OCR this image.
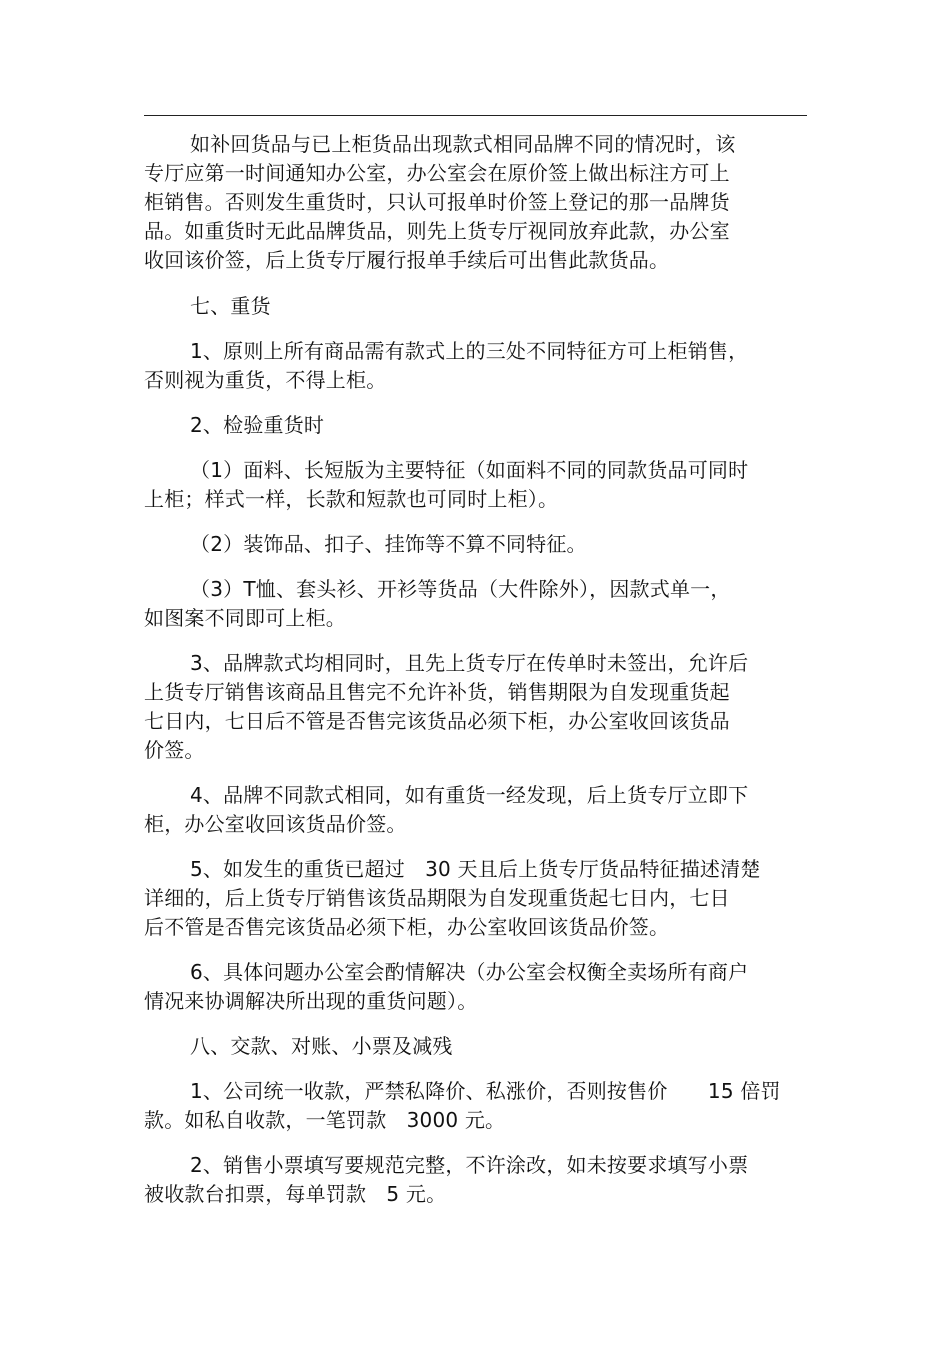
如补回货品与已上柜货品出现款式相同品牌不同的情况时，该
专厅应第一时间通知办公室，办公室会在原价签上做出标注方可上
柜销售。否则发生重货时，只认可报单时价签上登记的那一品牌货
品。如重货时无此品牌货品，则先上货专厅视同放弃此款，办公室
收回该价签，后上货专厅履行报单手续后可出售此款货品。
七、重货
1、原则上所有商品需有款式上的三处不同特征方可上柜销售，
否则视为重货，不得上柜。
2、检验重货时
（1）面料、长短版为主要特征（如面料不同的同款货品可同时
上柜；样式一样，长款和短款也可同时上柜）。
（2）装饰品、扣子、挂饰等不算不同特征。
（3）T恤、套头衫、开衫等货品（大件除外），因款式单一，
如图案不同即可上柜。
3、品牌款式均相同时，且先上货专厅在传单时未签出，允许后
上货专厅销售该商品且售完不允许补货，销售期限为自发现重货起
七日内，七日后不管是否售完该货品必须下柜，办公室收回该货品
价签。
4、品牌不同款式相同，如有重货一经发现，后上货专厅立即下
柜，办公室收回该货品价签。
5、如发生的重货已超过　30 天且后上货专厅货品特征描述清楚
详细的，后上货专厅销售该货品期限为自发现重货起七日内，七日
后不管是否售完该货品必须下柜，办公室收回该货品价签。
6、具体问题办公室会酌情解决（办公室会权衡全卖场所有商户
情况来协调解决所出现的重货问题）。
八、交款、对账、小票及减残
1、公司统一收款，严禁私降价、私涨价，否则按售价　　15 倍罚
款。如私自收款，一笔罚款　3000 元。
2、销售小票填写要规范完整，不许涂改，如未按要求填写小票
被收款台扣票，每单罚款　5 元。
